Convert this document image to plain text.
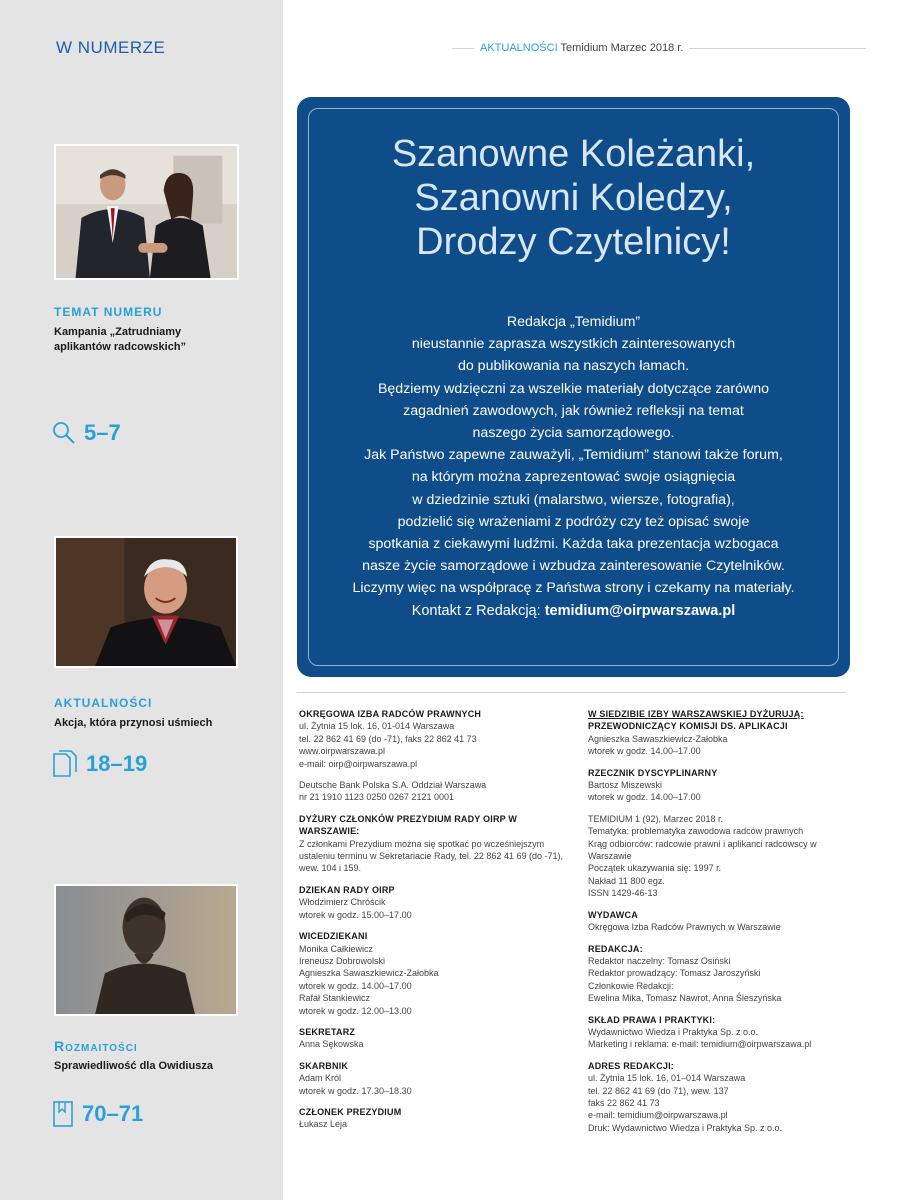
W NUMERZE
TEMAT NUMERU
Kampania „Zatrudniamy aplikantów radcowskich”
5–7
AKTUALNOŚCI
Akcja, która przynosi uśmiech
18–19
Rozmaitości
Sprawiedliwość dla Owidiusza
70–71
AKTUALNOŚCI Temidium Marzec 2018 r.
Szanowne Koleżanki,
Szanowni Koledzy,
Drodzy Czytelnicy!
Redakcja „Temidium”
nieustannie zaprasza wszystkich zainteresowanych
do publikowania na naszych łamach.
Będziemy wdzięczni za wszelkie materiały dotyczące zarówno
zagadnień zawodowych, jak również refleksji na temat
naszego życia samorządowego.
Jak Państwo zapewne zauważyli, „Temidium” stanowi także forum,
na którym można zaprezentować swoje osiągnięcia
w dziedzinie sztuki (malarstwo, wiersze, fotografia),
podzielić się wrażeniami z podróży czy też opisać swoje
spotkania z ciekawymi ludźmi. Każda taka prezentacja wzbogaca
nasze życie samorządowe i wzbudza zainteresowanie Czytelników.
Liczymy więc na współpracę z Państwa strony i czekamy na materiały.
Kontakt z Redakcją: temidium@oirpwarszawa.pl
OKRĘGOWA IZBA RADCÓW PRAWNYCH
ul. Żytnia 15 lok. 16, 01-014 Warszawa
tel. 22 862 41 69 (do -71), faks 22 862 41 73
www.oirpwarszawa.pl
e-mail: oirp@oirpwarszawa.pl
Deutsche Bank Polska S.A. Oddział Warszawa
nr 21 1910 1123 0250 0267 2121 0001
DYŻURY CZŁONKÓW PREZYDIUM RADY OIRP W WARSZAWIE:
Z członkami Prezydium można się spotkać po wcześniejszym ustaleniu terminu w Sekretariacie Rady, tel. 22 862 41 69 (do -71), wew. 104 i 159.
DZIEKAN RADY OIRP
Włodzimierz Chróścik
wtorek w godz. 15.00–17.00
WICEDZIEKANI
Monika Całkiewicz
Ireneusz Dobrowolski
Agnieszka Sawaszkiewicz-Załobka
wtorek w godz. 14.00–17.00
Rafał Stankiewicz
wtorek w godz. 12.00–13.00
SEKRETARZ
Anna Sękowska
SKARBNIK
Adam Król
wtorek w godz. 17.30–18.30
CZŁONEK PREZYDIUM
Łukasz Leja
W SIEDZIBIE IZBY WARSZAWSKIEJ DYŻURUJĄ:
PRZEWODNICZĄCY KOMISJI DS. APLIKACJI
Agnieszka Sawaszkiewicz-Załobka
wtorek w godz. 14.00–17.00
RZECZNIK DYSCYPLINARNY
Bartosz Miszewski
wtorek w godz. 14.00–17.00
TEMIDIUM 1 (92), Marzec 2018 r.
Tematyka: problematyka zawodowa radców prawnych
Krąg odbiorców: radcowie prawni i aplikanci radcowscy w Warszawie
Początek ukazywania się: 1997 r.
Nakład 11 800 egz.
ISSN 1429-46-13
WYDAWCA
Okręgowa Izba Radców Prawnych w Warszawie
REDAKCJA:
Redaktor naczelny: Tomasz Osiński
Redaktor prowadzący: Tomasz Jaroszyński
Członkowie Redakcji:
Ewelina Mika, Tomasz Nawrot, Anna Śleszyńska
SKŁAD PRAWA I PRAKTYKI:
Wydawnictwo Wiedza i Praktyka Sp. z o.o.
Marketing i reklama: e-mail: temidium@oirpwarszawa.pl
ADRES REDAKCJI:
ul. Żytnia 15 lok. 16, 01–014 Warszawa
tel. 22 862 41 69 (do 71), wew. 137
faks 22 862 41 73
e-mail: temidium@oirpwarszawa.pl
Druk: Wydawnictwo Wiedza i Praktyka Sp. z o.o.
